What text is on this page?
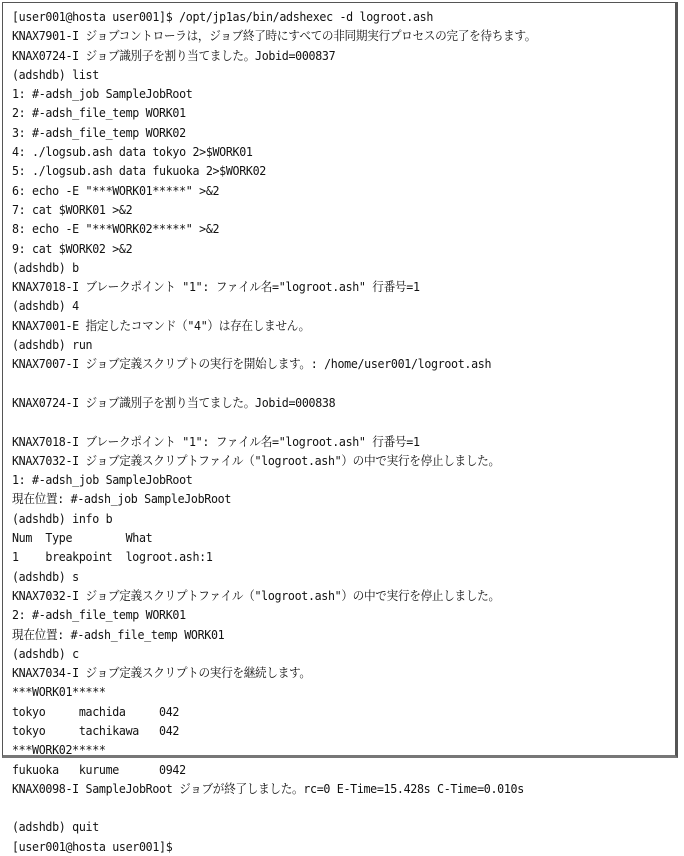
[user001@hosta user001]$ /opt/jp1as/bin/adshexec -d logroot.ash
KNAX7901-I ジョブコントローラは，ジョブ終了時にすべての非同期実行プロセスの完了を待ちます。
KNAX0724-I ジョブ識別子を割り当てました。Jobid=000837
(adshdb) list
1: #-adsh_job SampleJobRoot
2: #-adsh_file_temp WORK01
3: #-adsh_file_temp WORK02
4: ./logsub.ash data tokyo 2>$WORK01
5: ./logsub.ash data fukuoka 2>$WORK02
6: echo -E "***WORK01*****" >&2
7: cat $WORK01 >&2
8: echo -E "***WORK02*****" >&2
9: cat $WORK02 >&2
(adshdb) b
KNAX7018-I ブレークポイント "1": ファイル名="logroot.ash" 行番号=1
(adshdb) 4
KNAX7001-E 指定したコマンド（"4"）は存在しません。
(adshdb) run
KNAX7007-I ジョブ定義スクリプトの実行を開始します。: /home/user001/logroot.ash
KNAX0724-I ジョブ識別子を割り当てました。Jobid=000838
KNAX7018-I ブレークポイント "1": ファイル名="logroot.ash" 行番号=1
KNAX7032-I ジョブ定義スクリプトファイル（"logroot.ash"）の中で実行を停止しました。
1: #-adsh_job SampleJobRoot
現在位置: #-adsh_job SampleJobRoot
(adshdb) info b
Num  Type        What
1    breakpoint  logroot.ash:1
(adshdb) s
KNAX7032-I ジョブ定義スクリプトファイル（"logroot.ash"）の中で実行を停止しました。
2: #-adsh_file_temp WORK01
現在位置: #-adsh_file_temp WORK01
(adshdb) c
KNAX7034-I ジョブ定義スクリプトの実行を継続します。
***WORK01*****
tokyo     machida     042
tokyo     tachikawa   042
***WORK02*****
fukuoka   kurume      0942
KNAX0098-I SampleJobRoot ジョブが終了しました。rc=0 E-Time=15.428s C-Time=0.010s
(adshdb) quit
[user001@hosta user001]$
